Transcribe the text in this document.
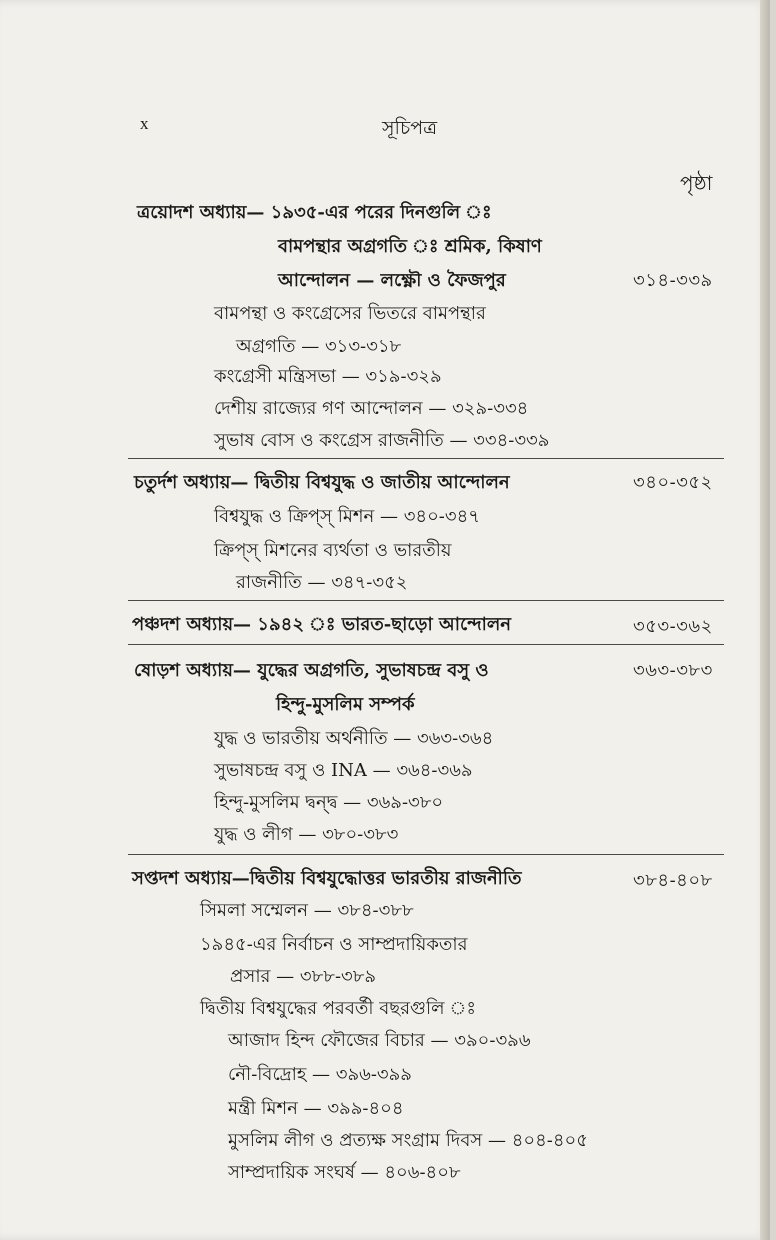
x	সূচিপত্র
পৃষ্ঠা
ত্রয়োদশ অধ্যায়— ১৯৩৫-এর পরের দিনগুলি ঃ
বামপন্থার অগ্রগতি ঃ শ্রমিক, কিষাণ
আন্দোলন — লক্ষ্ণৌ ও ফৈজপুর	৩১৪-৩৩৯
বামপন্থা ও কংগ্রেসের ভিতরে বামপন্থার
অগ্রগতি — ৩১৩-৩১৮
কংগ্রেসী মন্ত্রিসভা — ৩১৯-৩২৯
দেশীয় রাজ্যের গণ আন্দোলন — ৩২৯-৩৩৪
সুভাষ বোস ও কংগ্রেস রাজনীতি — ৩৩৪-৩৩৯
চতুর্দশ অধ্যায়— দ্বিতীয় বিশ্বযুদ্ধ ও জাতীয় আন্দোলন	৩৪০-৩৫২
বিশ্বযুদ্ধ ও ক্রিপ্‌স্‌ মিশন — ৩৪০-৩৪৭
ক্রিপ্‌স্‌ মিশনের ব্যর্থতা ও ভারতীয়
রাজনীতি — ৩৪৭-৩৫২
পঞ্চদশ অধ্যায়— ১৯৪২ ঃ ভারত-ছাড়ো আন্দোলন	৩৫৩-৩৬২
ষোড়শ অধ্যায়— যুদ্ধের অগ্রগতি, সুভাষচন্দ্র বসু ও	৩৬৩-৩৮৩
হিন্দু-মুসলিম সম্পর্ক
যুদ্ধ ও ভারতীয় অর্থনীতি — ৩৬৩-৩৬৪
সুভাষচন্দ্র বসু ও INA — ৩৬৪-৩৬৯
হিন্দু-মুসলিম দ্বন্দ্ব — ৩৬৯-৩৮০
যুদ্ধ ও লীগ — ৩৮০-৩৮৩
সপ্তদশ অধ্যায়—দ্বিতীয় বিশ্বযুদ্ধোত্তর ভারতীয় রাজনীতি	৩৮৪-৪০৮
সিমলা সম্মেলন — ৩৮৪-৩৮৮
১৯৪৫-এর নির্বাচন ও সাম্প্রদায়িকতার
প্রসার — ৩৮৮-৩৮৯
দ্বিতীয় বিশ্বযুদ্ধের পরবর্তী বছরগুলি ঃ
আজাদ হিন্দ ফৌজের বিচার — ৩৯০-৩৯৬
নৌ-বিদ্রোহ — ৩৯৬-৩৯৯
মন্ত্রী মিশন — ৩৯৯-৪০৪
মুসলিম লীগ ও প্রত্যক্ষ সংগ্রাম দিবস — ৪০৪-৪০৫
সাম্প্রদায়িক সংঘর্ষ — ৪০৬-৪০৮
